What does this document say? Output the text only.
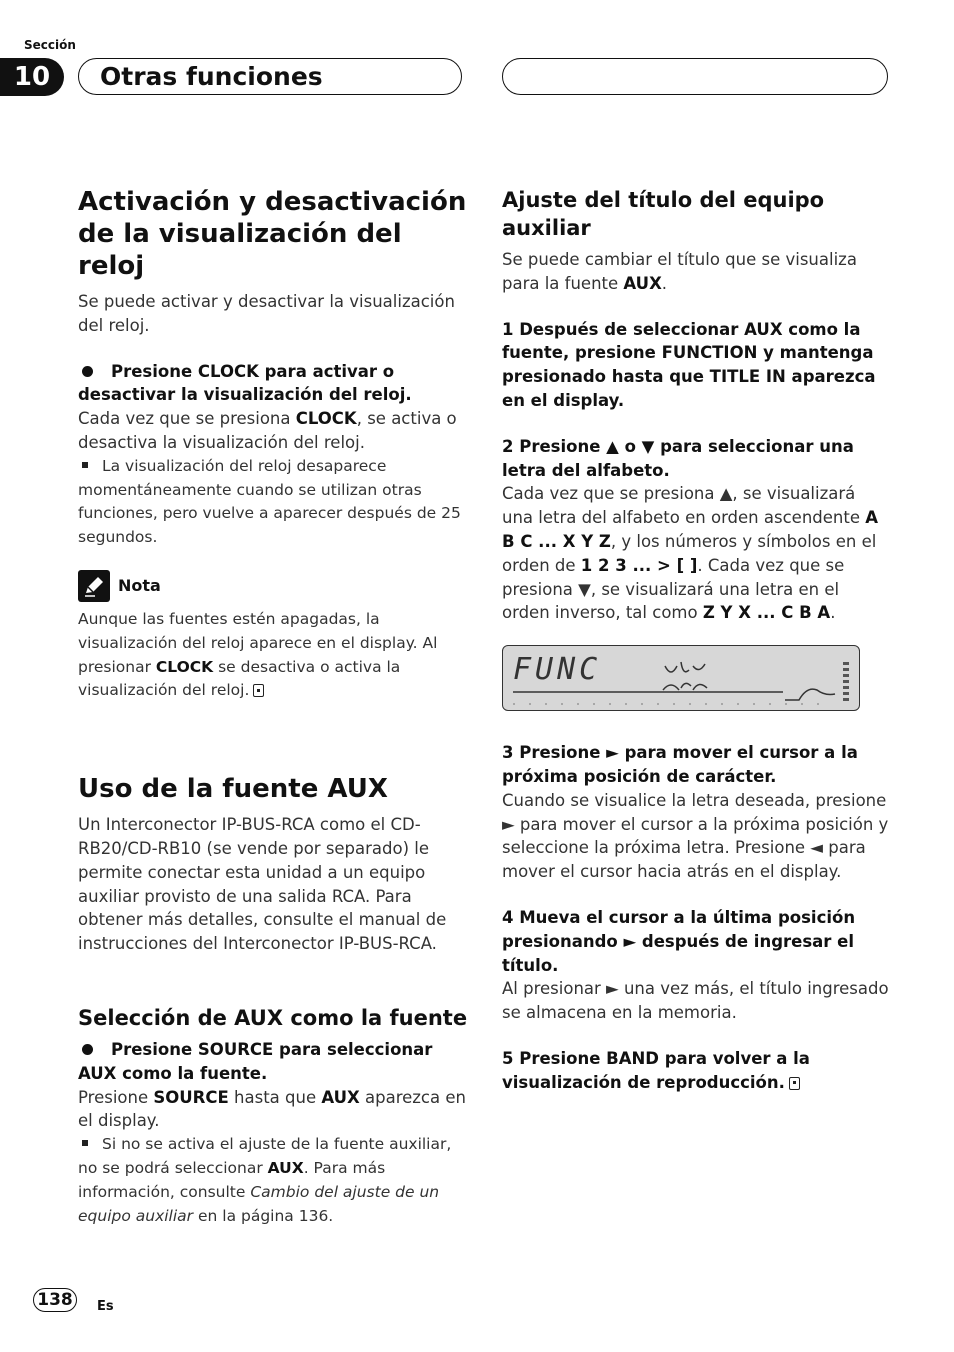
Sección
10	Otras funciones
Activación y desactivación de la visualización del reloj

Se puede activar y desactivar la visualización del reloj.

Presione CLOCK para activar o desactivar la visualización del reloj.

Cada vez que se presiona CLOCK, se activa o desactiva la visualización del reloj.

La visualización del reloj desaparece momentáneamente cuando se utilizan otras funciones, pero vuelve a aparecer después de 25 segundos.

Nota

Aunque las fuentes estén apagadas, la visualización del reloj aparece en el display. Al presionar CLOCK se desactiva o activa la visualización del reloj.

Uso de la fuente AUX

Un Interconector IP-BUS-RCA como el CD-RB20/CD-RB10 (se vende por separado) le permite conectar esta unidad a un equipo auxiliar provisto de una salida RCA. Para obtener más detalles, consulte el manual de instrucciones del Interconector IP-BUS-RCA.

Selección de AUX como la fuente

Presione SOURCE para seleccionar AUX como la fuente.

Presione SOURCE hasta que AUX aparezca en el display.

Si no se activa el ajuste de la fuente auxiliar, no se podrá seleccionar AUX. Para más información, consulte Cambio del ajuste de un equipo auxiliar en la página 136.

Ajuste del título del equipo auxiliar

Se puede cambiar el título que se visualiza para la fuente AUX.

1 Después de seleccionar AUX como la fuente, presione FUNCTION y mantenga presionado hasta que TITLE IN aparezca en el display.

2 Presione ▲ o ▼ para seleccionar una letra del alfabeto.

Cada vez que se presiona ▲, se visualizará una letra del alfabeto en orden ascendente A B C ... X Y Z, y los números y símbolos en el orden de 1 2 3 ... > [ ]. Cada vez que se presiona ▼, se visualizará una letra en el orden inverso, tal como Z Y X ... C B A.

FUNC

3 Presione ► para mover el cursor a la próxima posición de carácter.

Cuando se visualice la letra deseada, presione ► para mover el cursor a la próxima posición y seleccione la próxima letra. Presione ◄ para mover el cursor hacia atrás en el display.

4 Mueva el cursor a la última posición presionando ► después de ingresar el título.

Al presionar ► una vez más, el título ingresado se almacena en la memoria.

5 Presione BAND para volver a la visualización de reproducción.

138	Es
